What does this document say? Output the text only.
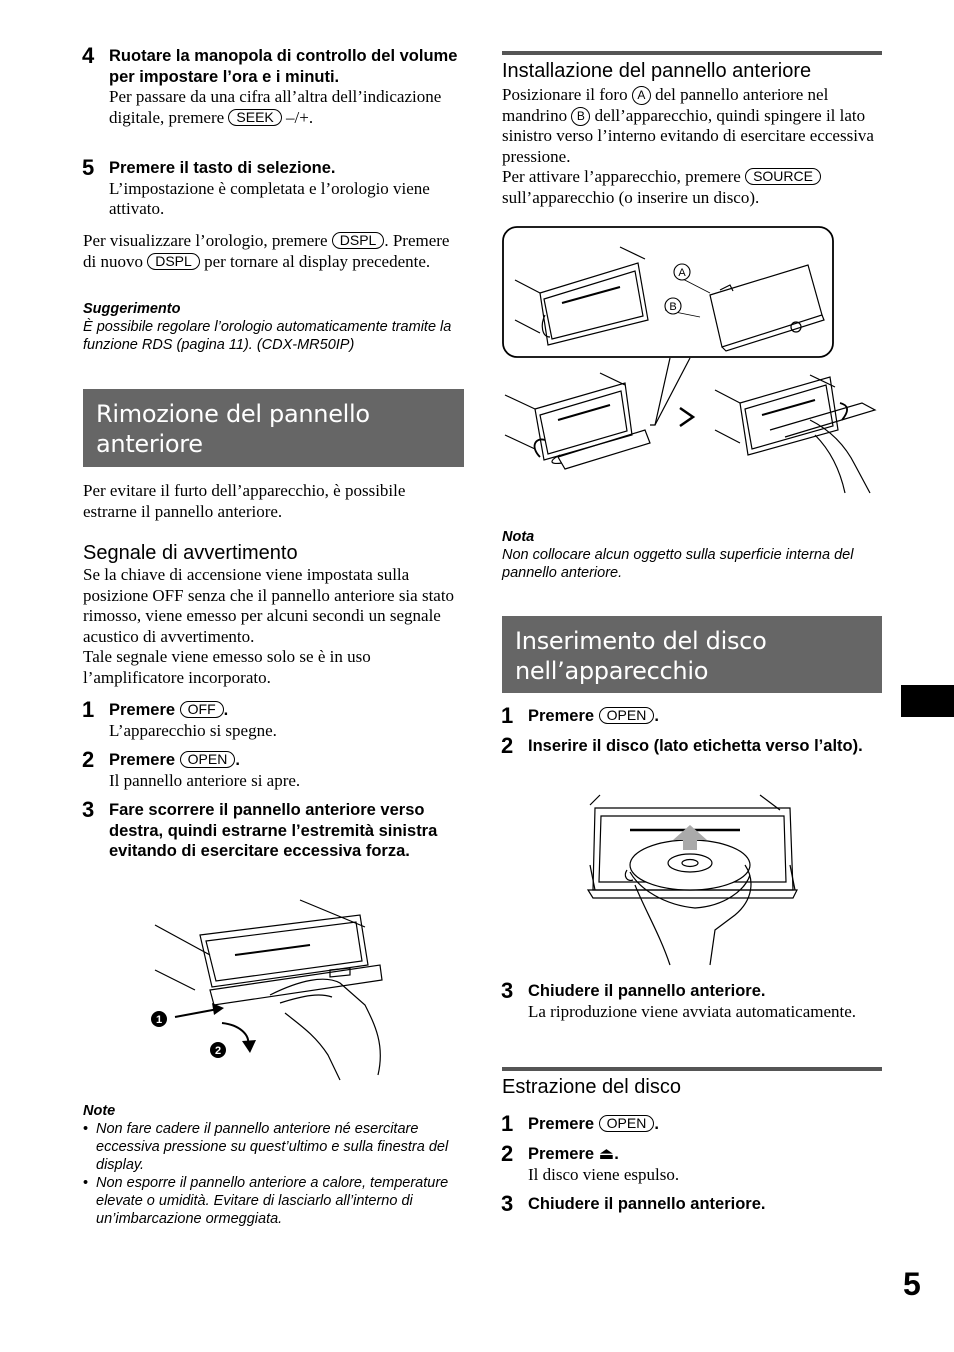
4 Ruotare la manopola di controllo del volume per impostare l’ora e i minuti.
Per passare da una cifra all’altra dell’indicazione digitale, premere SEEK –/+.
5 Premere il tasto di selezione.
L’impostazione è completata e l’orologio viene attivato.
Per visualizzare l’orologio, premere DSPL . Premere di nuovo DSPL per tornare al display precedente.
Suggerimento
È possibile regolare l’orologio automaticamente tramite la funzione RDS (pagina 11). (CDX-MR50IP)
Rimozione del pannello anteriore
Per evitare il furto dell’apparecchio, è possibile estrarne il pannello anteriore.
Segnale di avvertimento
Se la chiave di accensione viene impostata sulla posizione OFF senza che il pannello anteriore sia stato rimosso, viene emesso per alcuni secondi un segnale acustico di avvertimento.
Tale segnale viene emesso solo se è in uso l’amplificatore incorporato.
1 Premere OFF .
L’apparecchio si spegne.
2 Premere OPEN .
Il pannello anteriore si apre.
3 Fare scorrere il pannello anteriore verso destra, quindi estrarne l’estremità sinistra evitando di esercitare eccessiva forza.
1
2
Note
• Non fare cadere il pannello anteriore né esercitare eccessiva pressione su quest’ultimo e sulla finestra del display.
• Non esporre il pannello anteriore a calore, temperature elevate o umidità. Evitare di lasciarlo all’interno di un’imbarcazione ormeggiata.
Installazione del pannello anteriore
Posizionare il foro A del pannello anteriore nel mandrino B dell’apparecchio, quindi spingere il lato sinistro verso l’interno evitando di esercitare eccessiva pressione.
Per attivare l’apparecchio, premere SOURCE sull’apparecchio (o inserire un disco).
A
B
Nota
Non collocare alcun oggetto sulla superficie interna del pannello anteriore.
Inserimento del disco nell’apparecchio
1 Premere OPEN .
2 Inserire il disco (lato etichetta verso l’alto).
3 Chiudere il pannello anteriore.
La riproduzione viene avviata automaticamente.
Estrazione del disco
1 Premere OPEN .
2 Premere ⏏.
Il disco viene espulso.
3 Chiudere il pannello anteriore.
5
